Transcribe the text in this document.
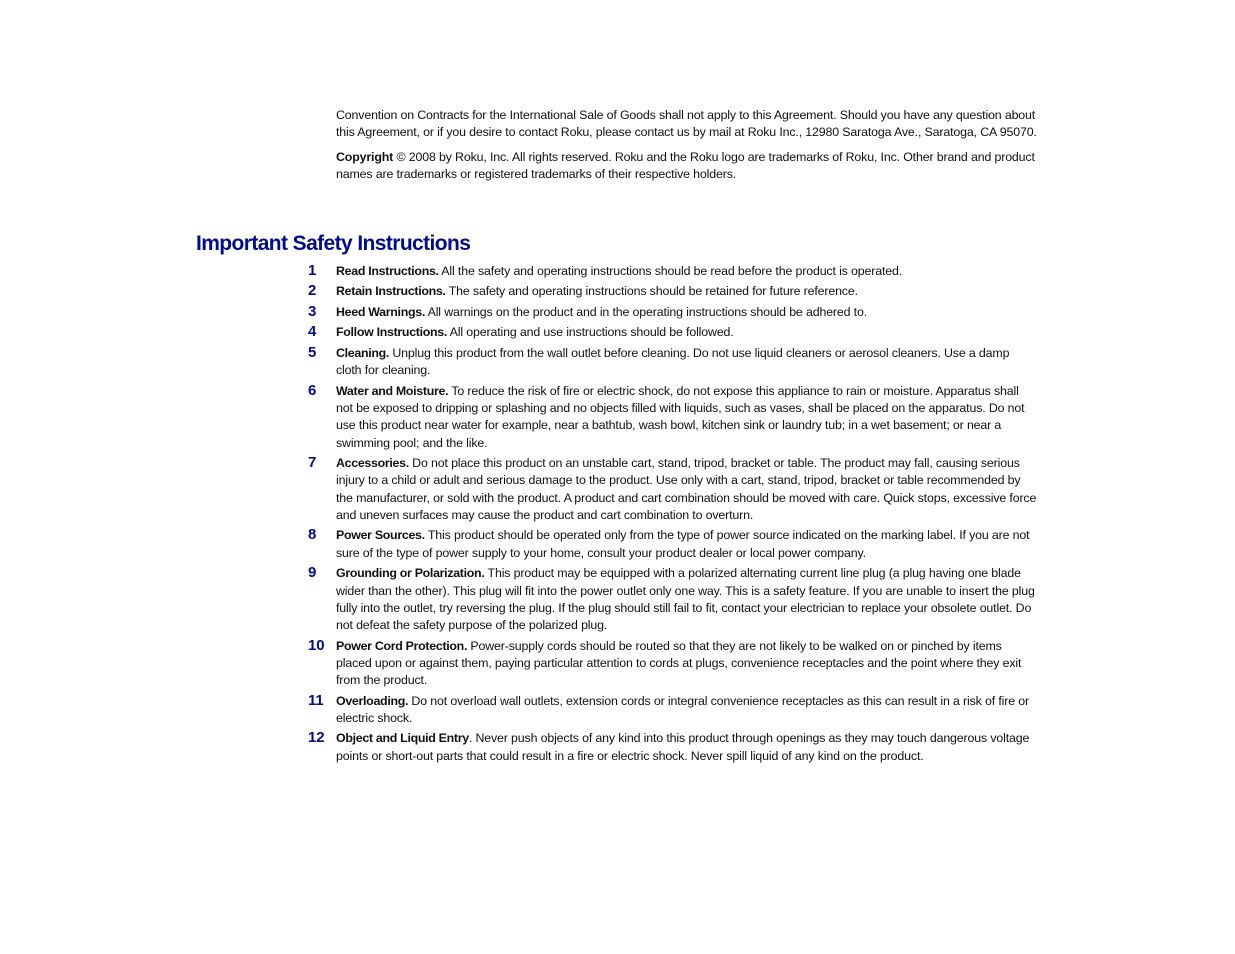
Convention on Contracts for the International Sale of Goods shall not apply to this Agreement. Should you have any question about this Agreement, or if you desire to contact Roku, please contact us by mail at Roku Inc., 12980 Saratoga Ave., Saratoga, CA 95070.

Copyright © 2008 by Roku, Inc. All rights reserved. Roku and the Roku logo are trademarks of Roku, Inc. Other brand and product names are trademarks or registered trademarks of their respective holders.

Important Safety Instructions
1 Read Instructions. All the safety and operating instructions should be read before the product is operated.
2 Retain Instructions. The safety and operating instructions should be retained for future reference.
3 Heed Warnings. All warnings on the product and in the operating instructions should be adhered to.
4 Follow Instructions. All operating and use instructions should be followed.
5 Cleaning. Unplug this product from the wall outlet before cleaning. Do not use liquid cleaners or aerosol cleaners. Use a damp cloth for cleaning.
6 Water and Moisture. To reduce the risk of fire or electric shock, do not expose this appliance to rain or moisture. Apparatus shall not be exposed to dripping or splashing and no objects filled with liquids, such as vases, shall be placed on the apparatus. Do not use this product near water for example, near a bathtub, wash bowl, kitchen sink or laundry tub; in a wet basement; or near a swimming pool; and the like.
7 Accessories. Do not place this product on an unstable cart, stand, tripod, bracket or table. The product may fall, causing serious injury to a child or adult and serious damage to the product. Use only with a cart, stand, tripod, bracket or table recommended by the manufacturer, or sold with the product. A product and cart combination should be moved with care. Quick stops, excessive force and uneven surfaces may cause the product and cart combination to overturn.
8 Power Sources. This product should be operated only from the type of power source indicated on the marking label. If you are not sure of the type of power supply to your home, consult your product dealer or local power company.
9 Grounding or Polarization. This product may be equipped with a polarized alternating current line plug (a plug having one blade wider than the other). This plug will fit into the power outlet only one way. This is a safety feature. If you are unable to insert the plug fully into the outlet, try reversing the plug. If the plug should still fail to fit, contact your electrician to replace your obsolete outlet. Do not defeat the safety purpose of the polarized plug.
10 Power Cord Protection. Power-supply cords should be routed so that they are not likely to be walked on or pinched by items placed upon or against them, paying particular attention to cords at plugs, convenience receptacles and the point where they exit from the product.
11 Overloading. Do not overload wall outlets, extension cords or integral convenience receptacles as this can result in a risk of fire or electric shock.
12 Object and Liquid Entry. Never push objects of any kind into this product through openings as they may touch dangerous voltage points or short-out parts that could result in a fire or electric shock. Never spill liquid of any kind on the product.
